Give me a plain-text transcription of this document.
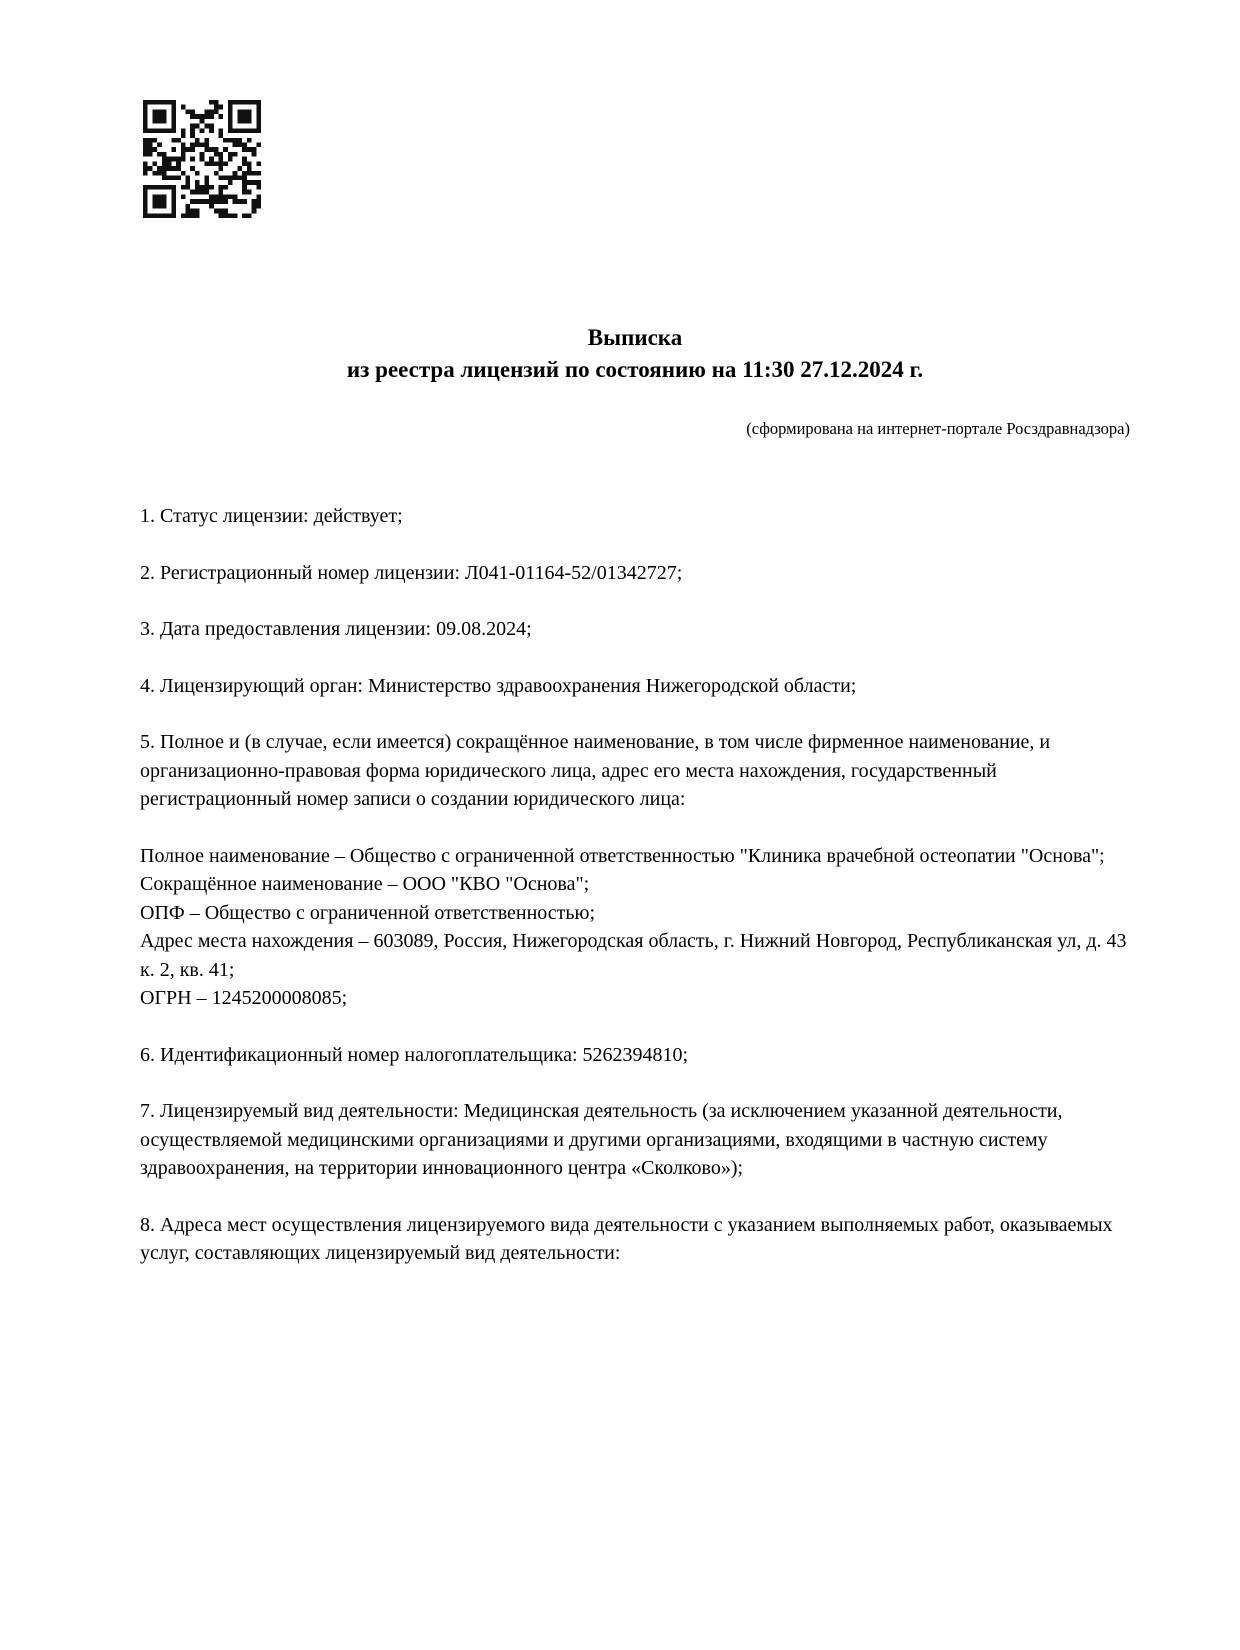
Выписка
из реестра лицензий по состоянию на 11:30 27.12.2024 г.
(сформирована на интернет-портале Росздравнадзора)

1. Статус лицензии: действует;

2. Регистрационный номер лицензии: Л041-01164-52/01342727;

3. Дата предоставления лицензии: 09.08.2024;

4. Лицензирующий орган: Министерство здравоохранения Нижегородской области;

5. Полное и (в случае, если имеется) сокращённое наименование, в том числе фирменное наименование, и организационно-правовая форма юридического лица, адрес его места нахождения, государственный регистрационный номер записи о создании юридического лица:

Полное наименование – Общество с ограниченной ответственностью "Клиника врачебной остеопатии "Основа";
Сокращённое наименование – ООО "КВО "Основа";
ОПФ – Общество с ограниченной ответственностью;
Адрес места нахождения – 603089, Россия, Нижегородская область, г. Нижний Новгород, Республиканская ул, д. 43 к. 2, кв. 41;
ОГРН – 1245200008085;

6. Идентификационный номер налогоплательщика: 5262394810;

7. Лицензируемый вид деятельности: Медицинская деятельность (за исключением указанной деятельности, осуществляемой медицинскими организациями и другими организациями, входящими в частную систему здравоохранения, на территории инновационного центра «Сколково»);

8. Адреса мест осуществления лицензируемого вида деятельности с указанием выполняемых работ, оказываемых услуг, составляющих лицензируемый вид деятельности:
